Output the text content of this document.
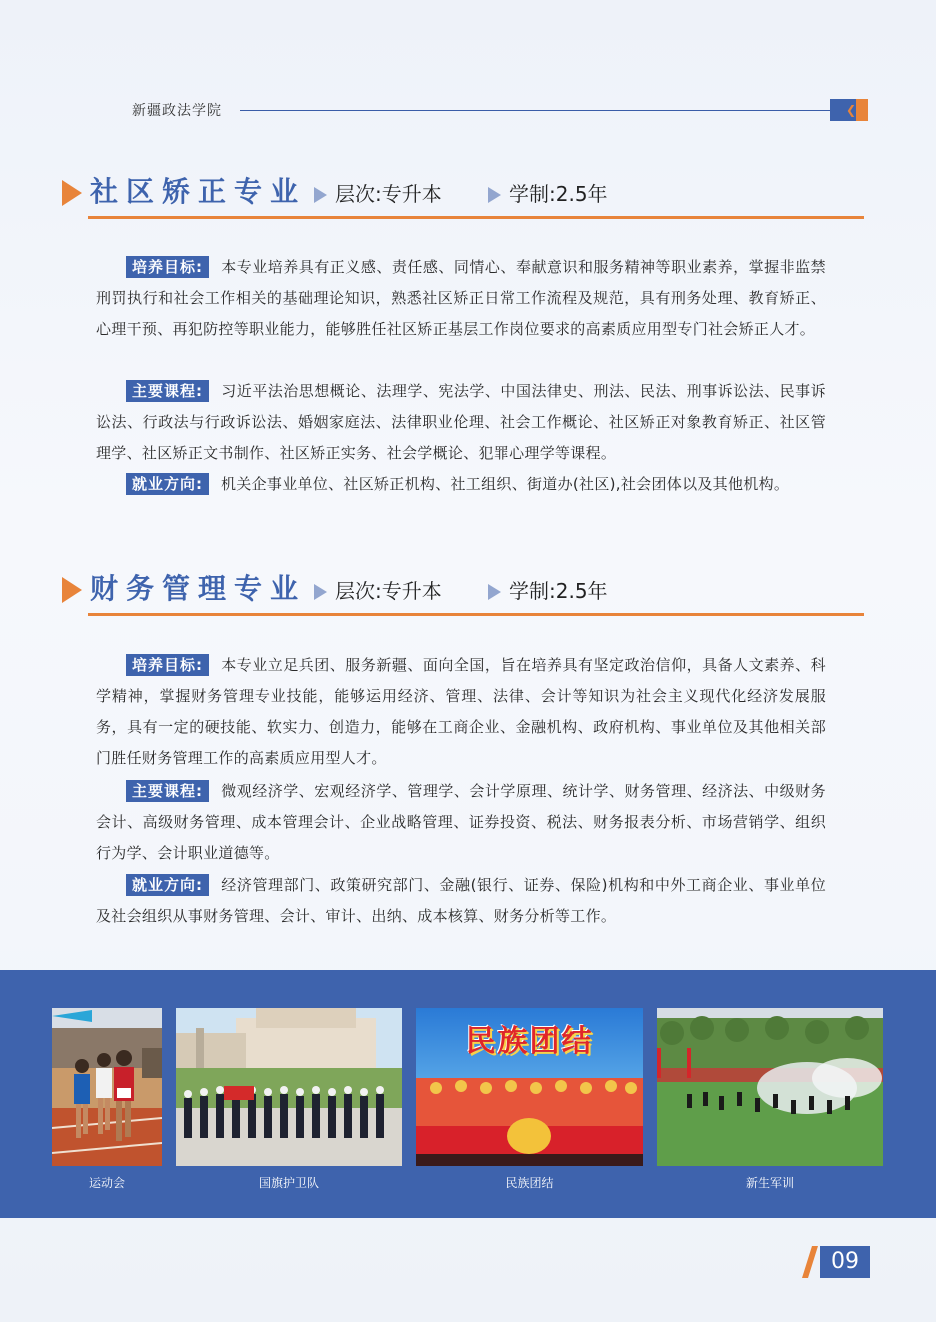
新疆政法学院	❮
社区矫正专业	层次:专升本	学制:2.5年
培养目标: 本专业培养具有正义感、责任感、同情心、奉献意识和服务精神等职业素养，掌握非监禁刑罚执行和社会工作相关的基础理论知识，熟悉社区矫正日常工作流程及规范，具有刑务处理、教育矫正、心理干预、再犯防控等职业能力，能够胜任社区矫正基层工作岗位要求的高素质应用型专门社会矫正人才。
主要课程: 习近平法治思想概论、法理学、宪法学、中国法律史、刑法、民法、刑事诉讼法、民事诉讼法、行政法与行政诉讼法、婚姻家庭法、法律职业伦理、社会工作概论、社区矫正对象教育矫正、社区管理学、社区矫正文书制作、社区矫正实务、社会学概论、犯罪心理学等课程。
就业方向: 机关企事业单位、社区矫正机构、社工组织、街道办(社区),社会团体以及其他机构。
财务管理专业	层次:专升本	学制:2.5年
培养目标: 本专业立足兵团、服务新疆、面向全国，旨在培养具有坚定政治信仰，具备人文素养、科学精神，掌握财务管理专业技能，能够运用经济、管理、法律、会计等知识为社会主义现代化经济发展服务，具有一定的硬技能、软实力、创造力，能够在工商企业、金融机构、政府机构、事业单位及其他相关部门胜任财务管理工作的高素质应用型人才。
主要课程: 微观经济学、宏观经济学、管理学、会计学原理、统计学、财务管理、经济法、中级财务会计、高级财务管理、成本管理会计、企业战略管理、证券投资、税法、财务报表分析、市场营销学、组织行为学、会计职业道德等。
就业方向: 经济管理部门、政策研究部门、金融(银行、证券、保险)机构和中外工商企业、事业单位及社会组织从事财务管理、会计、审计、出纳、成本核算、财务分析等工作。
运动会	国旗护卫队
民族团结
民族团结	新生军训
09
